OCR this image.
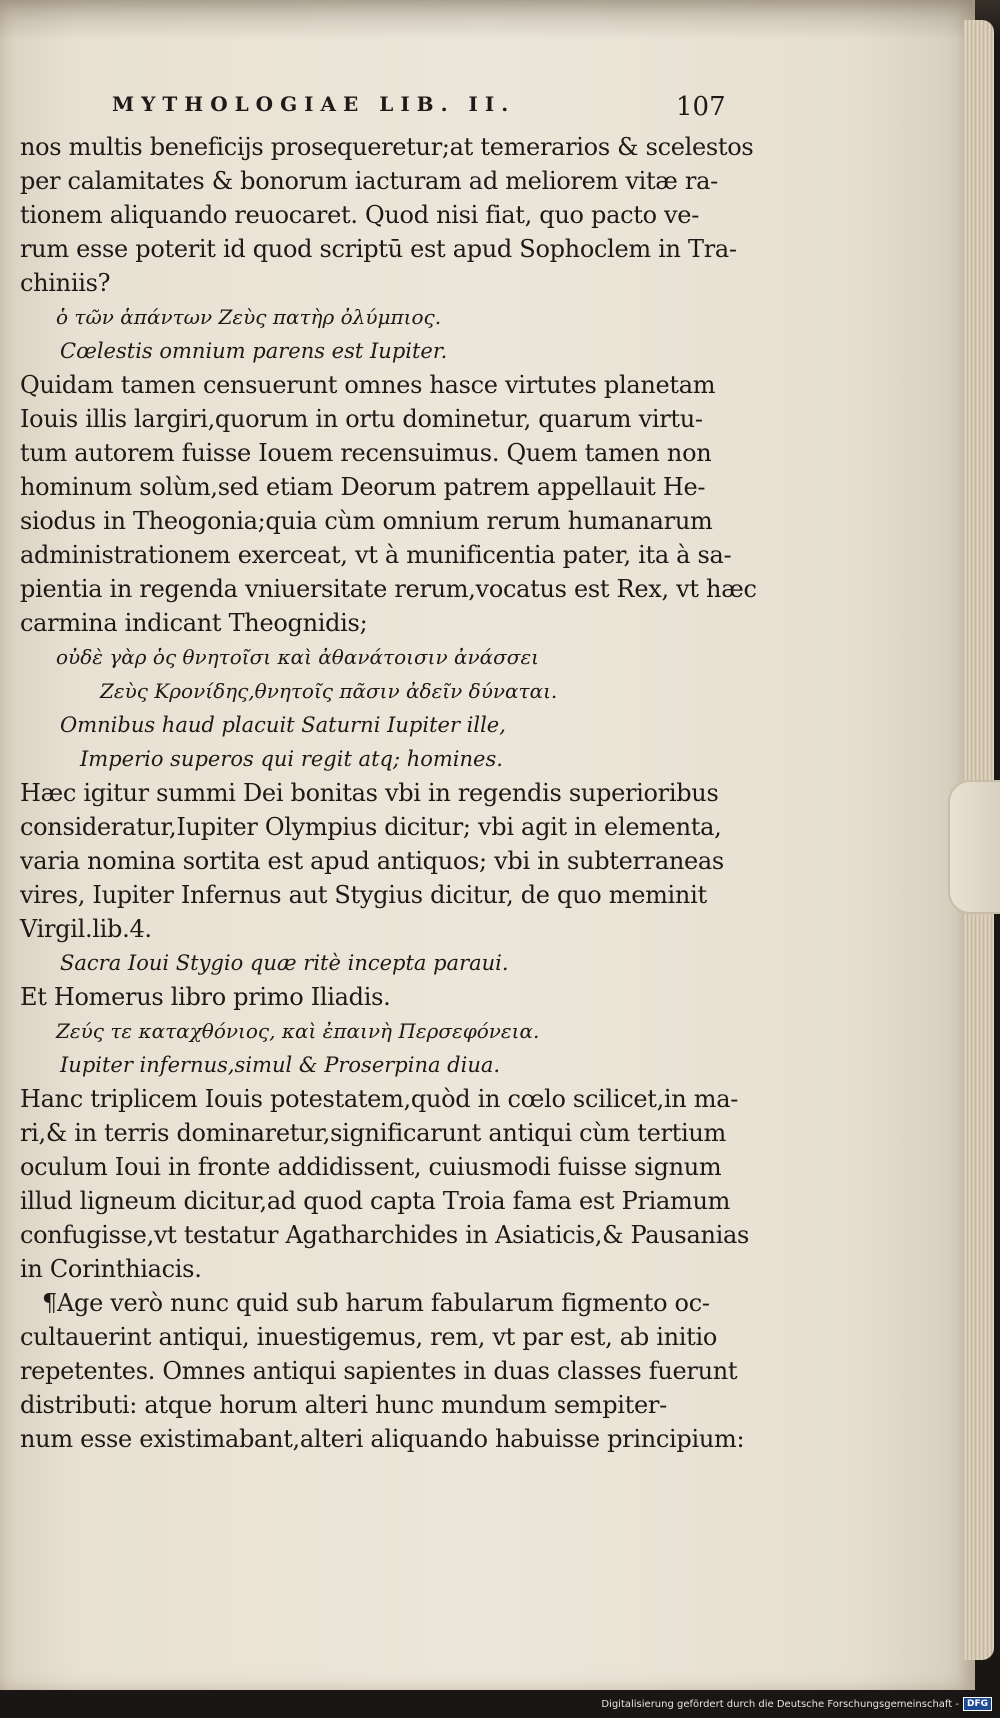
MYTHOLOGIAE LIB. II.	107
nos multis beneficijs prosequeretur;at temerarios & scelestos
per calamitates & bonorum iacturam ad meliorem vitæ ra-
tionem aliquando reuocaret. Quod nisi fiat, quo pacto ve-
rum esse poterit id quod scriptū est apud Sophoclem in Tra-
chiniis?
ὁ τῶν ἁπάντων Ζεὺς πατὴρ ὀλύμπιος.
Cœlestis omnium parens est Iupiter.
Quidam tamen censuerunt omnes hasce virtutes planetam
Iouis illis largiri,quorum in ortu dominetur, quarum virtu-
tum autorem fuisse Iouem recensuimus. Quem tamen non
hominum solùm,sed etiam Deorum patrem appellauit He-
siodus in Theogonia;quia cùm omnium rerum humanarum
administrationem exerceat, vt à munificentia pater, ita à sa-
pientia in regenda vniuersitate rerum,vocatus est Rex, vt hæc
carmina indicant Theognidis;
οὐδὲ γὰρ ὁς θνητοῖσι καὶ ἀθανάτοισιν ἀνάσσει
Ζεὺς Κρονίδης,θνητοῖς πᾶσιν ἀδεῖν δύναται.
Omnibus haud placuit Saturni Iupiter ille,
Imperio superos qui regit atq; homines.
Hæc igitur summi Dei bonitas vbi in regendis superioribus
consideratur,Iupiter Olympius dicitur; vbi agit in elementa,
varia nomina sortita est apud antiquos; vbi in subterraneas
vires, Iupiter Infernus aut Stygius dicitur, de quo meminit
Virgil.lib.4.
Sacra Ioui Stygio quæ ritè incepta paraui.
Et Homerus libro primo Iliadis.
Ζεύς τε καταχθόνιος, καὶ ἐπαινὴ Περσεφόνεια.
Iupiter infernus,simul & Proserpina diua.
Hanc triplicem Iouis potestatem,quòd in cœlo scilicet,in ma-
ri,& in terris dominaretur,significarunt antiqui cùm tertium
oculum Ioui in fronte addidissent, cuiusmodi fuisse signum
illud ligneum dicitur,ad quod capta Troia fama est Priamum
confugisse,vt testatur Agatharchides in Asiaticis,& Pausanias
in Corinthiacis.
¶Age verò nunc quid sub harum fabularum figmento oc-
cultauerint antiqui, inuestigemus, rem, vt par est, ab initio
repetentes. Omnes antiqui sapientes in duas classes fuerunt
distributi: atque horum alteri hunc mundum sempiter-
num esse existimabant,alteri aliquando habuisse principium:
Digitalisierung gefördert durch die Deutsche Forschungsgemeinschaft - DFG
